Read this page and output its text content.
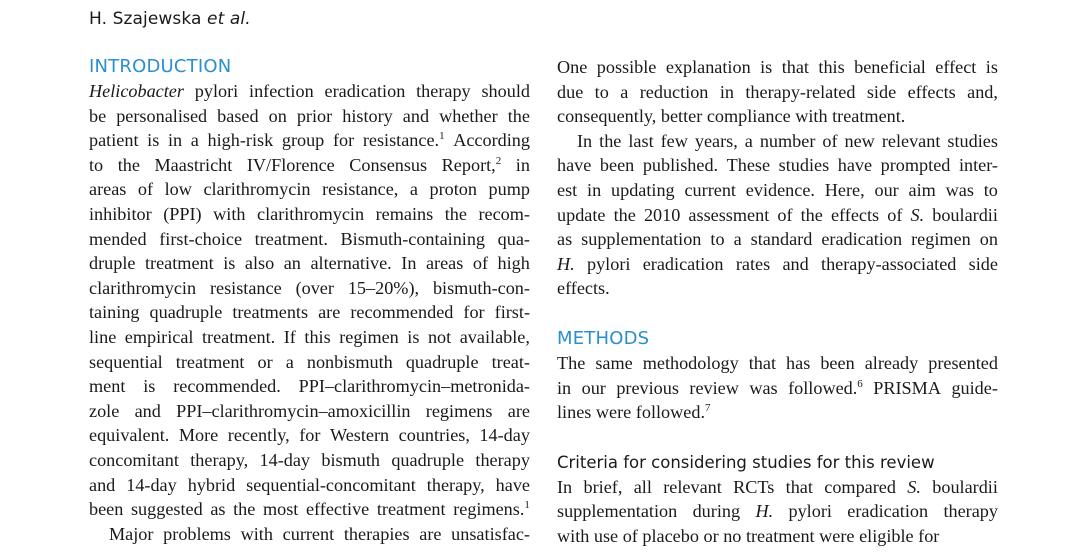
H. Szajewska et al.
INTRODUCTION
Helicobacter pylori infection eradication therapy should
be personalised based on prior history and whether the
patient is in a high-risk group for resistance.$^1$ According
to the Maastricht IV/Florence Consensus Report,$^2$ in
areas of low clarithromycin resistance, a proton pump
inhibitor (PPI) with clarithromycin remains the recom-
mended first-choice treatment. Bismuth-containing qua-
druple treatment is also an alternative. In areas of high
clarithromycin resistance (over 15–20%), bismuth-con-
taining quadruple treatments are recommended for first-
line empirical treatment. If this regimen is not available,
sequential treatment or a nonbismuth quadruple treat-
ment is recommended. PPI–clarithromycin–metronida-
zole and PPI–clarithromycin–amoxicillin regimens are
equivalent. More recently, for Western countries, 14-day
concomitant therapy, 14-day bismuth quadruple therapy
and 14-day hybrid sequential-concomitant therapy, have
been suggested as the most effective treatment regimens.$^1$
Major problems with current therapies are unsatisfac-
One possible explanation is that this beneficial effect is
due to a reduction in therapy-related side effects and,
consequently, better compliance with treatment.
In the last few years, a number of new relevant studies
have been published. These studies have prompted inter-
est in updating current evidence. Here, our aim was to
update the 2010 assessment of the effects of S. boulardii
as supplementation to a standard eradication regimen on
H. pylori eradication rates and therapy-associated side
effects.
METHODS
The same methodology that has been already presented
in our previous review was followed.$^6$ PRISMA guide-
lines were followed.$^7$
Criteria for considering studies for this review
In brief, all relevant RCTs that compared S. boulardii
supplementation during H. pylori eradication therapy
with use of placebo or no treatment were eligible for
